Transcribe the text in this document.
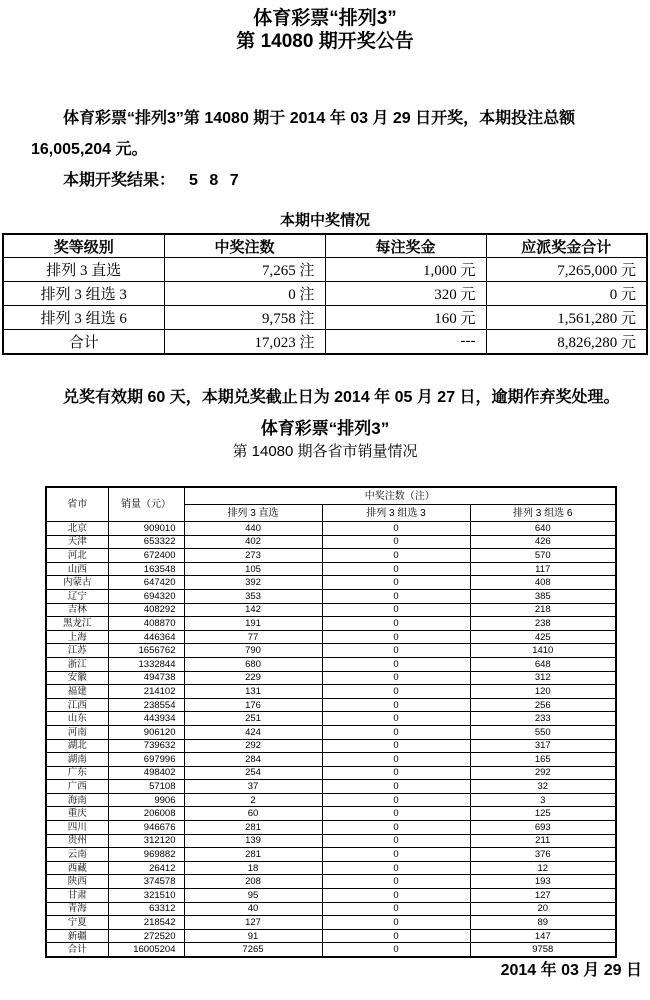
体育彩票“排列3”
第 14080 期开奖公告

体育彩票“排列3”第 14080 期于 2014 年 03 月 29 日开奖，本期投注总额 16,005,204 元。

本期开奖结果： 5 8 7

本期中奖情况
奖等级别	中奖注数	每注奖金	应派奖金合计
排列 3 直选	7,265 注	1,000 元	7,265,000 元
排列 3 组选 3	0 注	320 元	0 元
排列 3 组选 6	9,758 注	160 元	1,561,280 元
合计	17,023 注	---	8,826,280 元

兑奖有效期 60 天，本期兑奖截止日为 2014 年 05 月 27 日，逾期作弃奖处理。

体育彩票“排列3”
第 14080 期各省市销量情况
省市	销量（元）	中奖注数（注）		
		排列 3 直选	排列 3 组选 3	排列 3 组选 6
北京	909010	440	0	640
天津	653322	402	0	426
河北	672400	273	0	570
山西	163548	105	0	117
内蒙古	647420	392	0	408
辽宁	694320	353	0	385
吉林	408292	142	0	218
黑龙江	408870	191	0	238
上海	446364	77	0	425
江苏	1656762	790	0	1410
浙江	1332844	680	0	648
安徽	494738	229	0	312
福建	214102	131	0	120
江西	238554	176	0	256
山东	443934	251	0	233
河南	906120	424	0	550
湖北	739632	292	0	317
湖南	697996	284	0	165
广东	498402	254	0	292
广西	57108	37	0	32
海南	9906	2	0	3
重庆	206008	60	0	125
四川	946676	281	0	693
贵州	312120	139	0	211
云南	969882	281	0	376
西藏	26412	18	0	12
陕西	374578	208	0	193
甘肃	321510	95	0	127
青海	63312	40	0	20
宁夏	218542	127	0	89
新疆	272520	91	0	147
合计	16005204	7265	0	9758
2014 年 03 月 29 日
